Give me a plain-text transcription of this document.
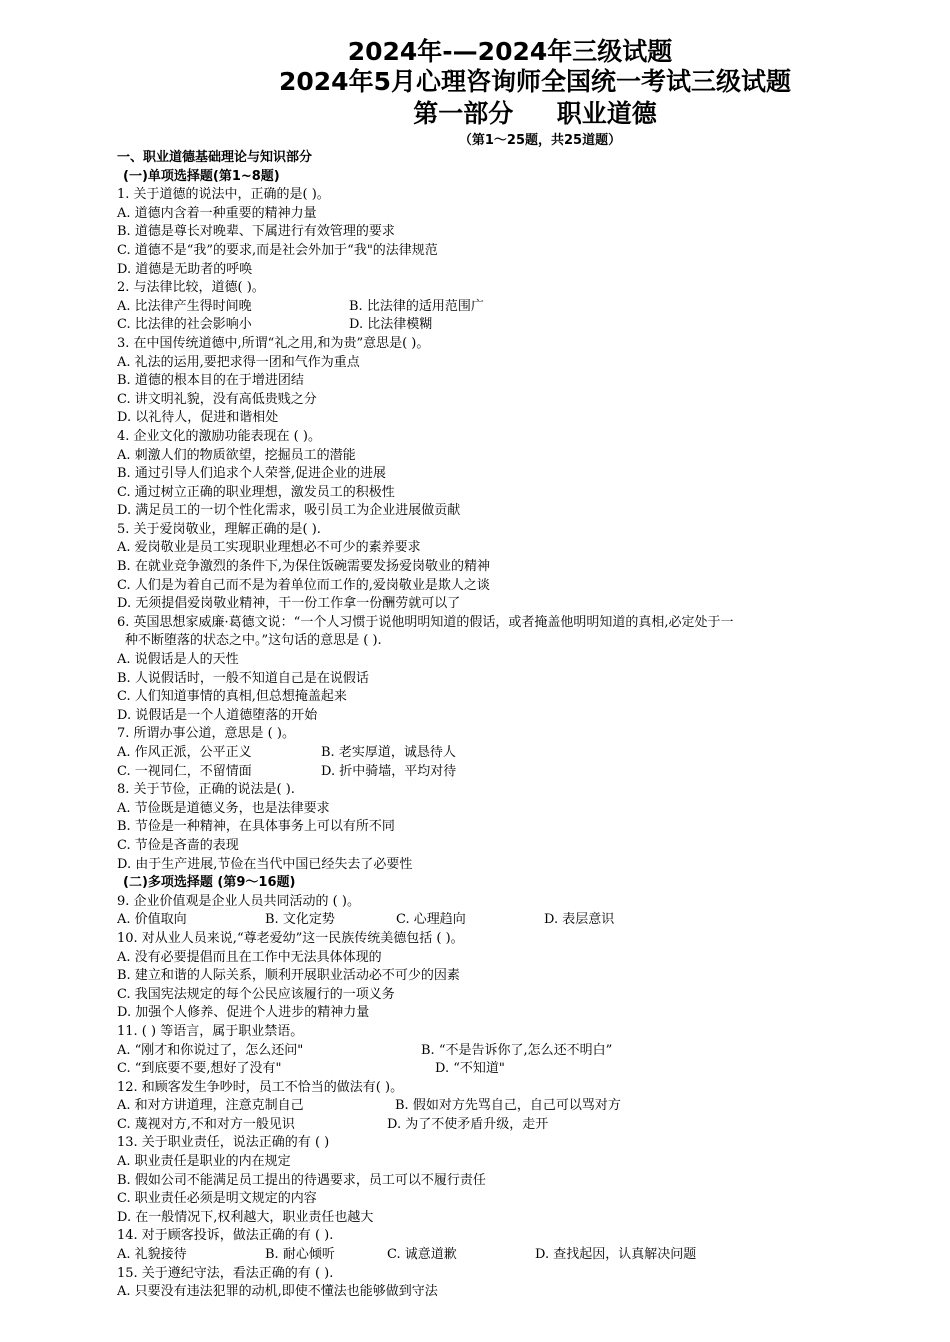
2024年-—2024年三级试题
2024年5月心理咨询师全国统一考试三级试题
第一部分 职业道德
（第1～25题，共25道题）
一、职业道德基础理论与知识部分
(一)单项选择题(第1~8题)
1. 关于道德的说法中，正确的是( )。
A. 道德内含着一种重要的精神力量
B. 道德是尊长对晚辈、下属进行有效管理的要求
C. 道德不是“我”的要求,而是社会外加于“我"的法律规范
D. 道德是无助者的呼唤
2. 与法律比较，道德( )。
A. 比法律产生得时间晚	B. 比法律的适用范围广
C. 比法律的社会影响小	D. 比法律模糊
3. 在中国传统道德中,所谓“礼之用,和为贵”意思是( )。
A. 礼法的运用,要把求得一团和气作为重点
B. 道德的根本目的在于增进团结
C. 讲文明礼貌，没有高低贵贱之分
D. 以礼待人，促进和谐相处
4. 企业文化的激励功能表现在 ( )。
A. 刺激人们的物质欲望，挖掘员工的潜能
B. 通过引导人们追求个人荣誉,促进企业的进展
C. 通过树立正确的职业理想，激发员工的积极性
D. 满足员工的一切个性化需求，吸引员工为企业进展做贡献
5. 关于爱岗敬业，理解正确的是( ).
A. 爱岗敬业是员工实现职业理想必不可少的素养要求
B. 在就业竞争激烈的条件下,为保住饭碗需要发扬爱岗敬业的精神
C. 人们是为着自己而不是为着单位而工作的,爱岗敬业是欺人之谈
D. 无须提倡爱岗敬业精神，干一份工作拿一份酬劳就可以了
6. 英国思想家威廉·葛德文说：“一个人习惯于说他明明知道的假话，或者掩盖他明明知道的真相,必定处于一
种不断堕落的状态之中。”这句话的意思是 ( ).
A. 说假话是人的天性
B. 人说假话时，一般不知道自己是在说假话
C. 人们知道事情的真相,但总想掩盖起来
D. 说假话是一个人道德堕落的开始
7. 所谓办事公道，意思是 ( )。
A. 作风正派，公平正义	B. 老实厚道，诚恳待人
C. 一视同仁，不留情面	D. 折中骑墙，平均对待
8. 关于节俭，正确的说法是( ).
A. 节俭既是道德义务，也是法律要求
B. 节俭是一种精神，在具体事务上可以有所不同
C. 节俭是吝啬的表现
D. 由于生产进展,节俭在当代中国已经失去了必要性
(二)多项选择题 (第9～16题)
9. 企业价值观是企业人员共同活动的 ( )。
A. 价值取向	B. 文化定势	C. 心理趋向	D. 表层意识
10. 对从业人员来说,“尊老爱幼”这一民族传统美德包括 ( )。
A. 没有必要提倡而且在工作中无法具体体现的
B. 建立和谐的人际关系，顺利开展职业活动必不可少的因素
C. 我国宪法规定的每个公民应该履行的一项义务
D. 加强个人修养、促进个人进步的精神力量
11. ( ) 等语言，属于职业禁语。
A. “刚才和你说过了，怎么还问"	B. “不是告诉你了,怎么还不明白”
C. “到底要不要,想好了没有"	D. “不知道"
12. 和顾客发生争吵时，员工不恰当的做法有( )。
A. 和对方讲道理，注意克制自己	B. 假如对方先骂自己，自己可以骂对方
C. 蔑视对方,不和对方一般见识	D. 为了不使矛盾升级，走开
13. 关于职业责任，说法正确的有 ( )
A. 职业责任是职业的内在规定
B. 假如公司不能满足员工提出的待遇要求，员工可以不履行责任
C. 职业责任必须是明文规定的内容
D. 在一般情况下,权利越大，职业责任也越大
14. 对于顾客投诉，做法正确的有 ( ).
A. 礼貌接待	B. 耐心倾听	C. 诚意道歉	D. 查找起因，认真解决问题
15. 关于遵纪守法，看法正确的有 ( ).
A. 只要没有违法犯罪的动机,即使不懂法也能够做到守法
